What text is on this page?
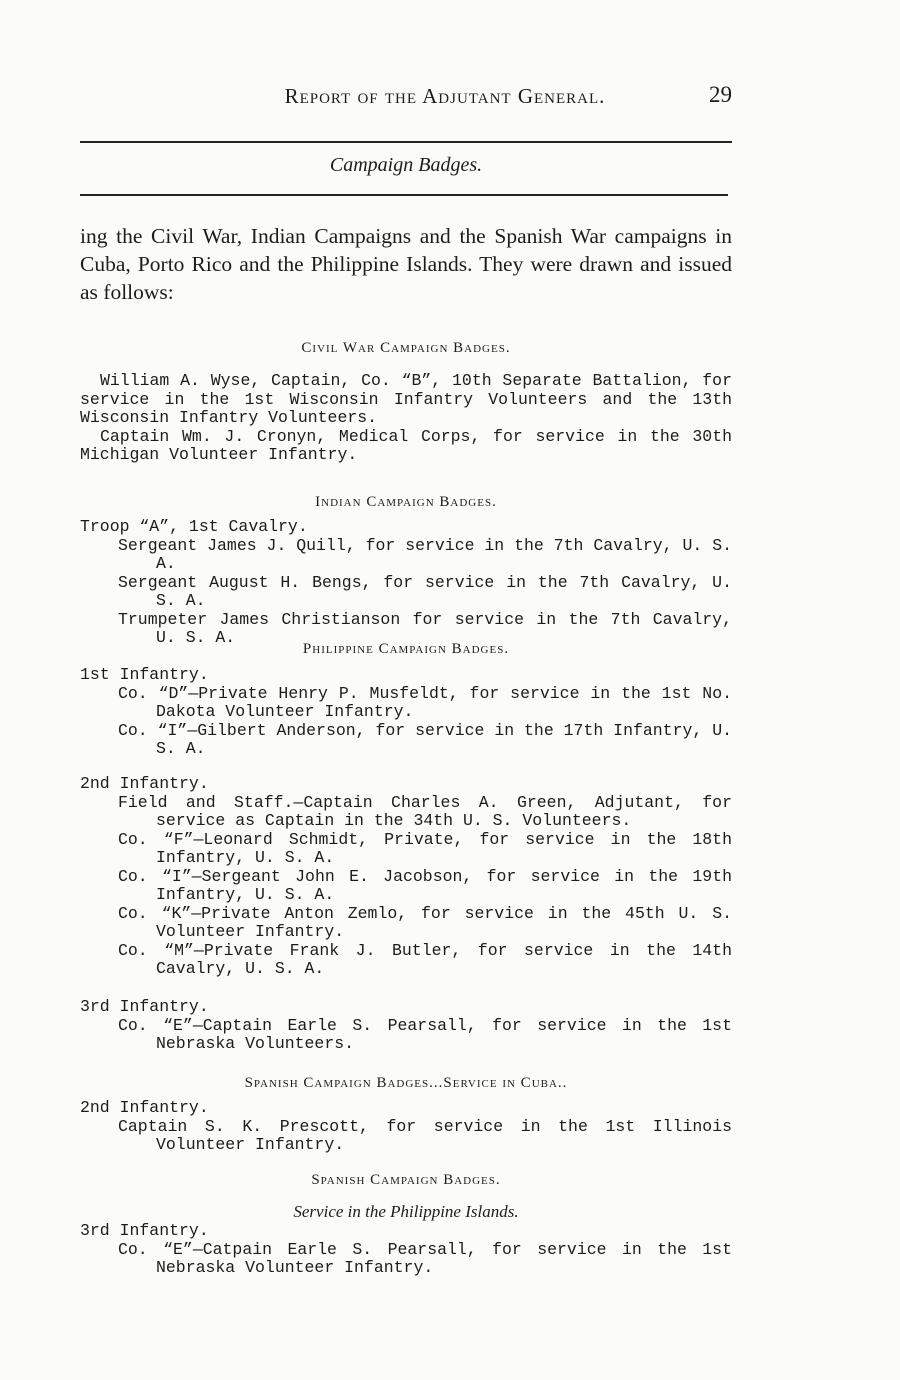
Report of the Adjutant General.	29
Campaign Badges.

ing the Civil War, Indian Campaigns and the Spanish War campaigns in Cuba, Porto Rico and the Philippine Islands. They were drawn and issued as follows:

Civil War Campaign Badges.

William A. Wyse, Captain, Co. “B”, 10th Separate Battalion, for service in the 1st Wisconsin Infantry Volunteers and the 13th Wisconsin Infantry Volunteers.

Captain Wm. J. Cronyn, Medical Corps, for service in the 30th Michigan Volunteer Infantry.

Indian Campaign Badges.

Troop “A”, 1st Cavalry.

Sergeant James J. Quill, for service in the 7th Cavalry, U. S. A.

Sergeant August H. Bengs, for service in the 7th Cavalry, U. S. A.

Trumpeter James Christianson for service in the 7th Cavalry, U. S. A.

Philippine Campaign Badges.

1st Infantry.

Co. “D”—Private Henry P. Musfeldt, for service in the 1st No. Dakota Volunteer Infantry.

Co. “I”—Gilbert Anderson, for service in the 17th Infantry, U. S. A.

2nd Infantry.

Field and Staff.—Captain Charles A. Green, Adjutant, for service as Captain in the 34th U. S. Volunteers.

Co. “F”—Leonard Schmidt, Private, for service in the 18th Infantry, U. S. A.

Co. “I”—Sergeant John E. Jacobson, for service in the 19th Infantry, U. S. A.

Co. “K”—Private Anton Zemlo, for service in the 45th U. S. Volunteer Infantry.

Co. “M”—Private Frank J. Butler, for service in the 14th Cavalry, U. S. A.

3rd Infantry.

Co. “E”—Captain Earle S. Pearsall, for service in the 1st Nebraska Volunteers.

Spanish Campaign Badges...Service in Cuba..

2nd Infantry.

Captain S. K. Prescott, for service in the 1st Illinois Volunteer Infantry.

Spanish Campaign Badges.
Service in the Philippine Islands.

3rd Infantry.

Co. “E”—Catpain Earle S. Pearsall, for service in the 1st Nebraska Volunteer Infantry.
